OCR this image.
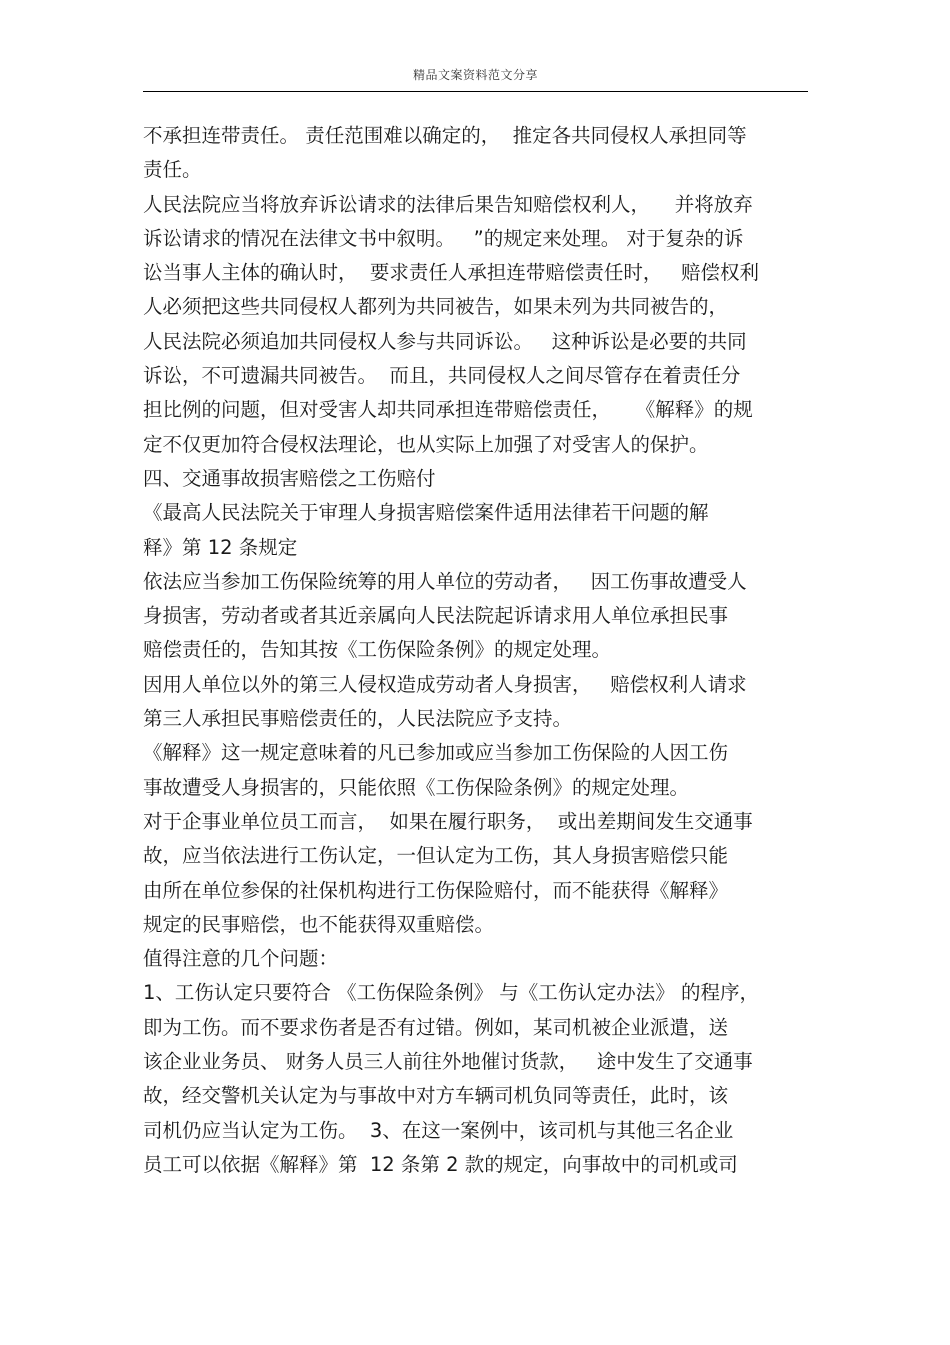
精品文案资料范文分享
不承担连带责任。 责任范围难以确定的，  推定各共同侵权人承担同等
责任。
人民法院应当将放弃诉讼请求的法律后果告知赔偿权利人，    并将放弃
诉讼请求的情况在法律文书中叙明。   ”的规定来处理。 对于复杂的诉
讼当事人主体的确认时，  要求责任人承担连带赔偿责任时，   赔偿权利
人必须把这些共同侵权人都列为共同被告，如果未列为共同被告的，
人民法院必须追加共同侵权人参与共同诉讼。   这种诉讼是必要的共同
诉讼，不可遗漏共同被告。  而且，共同侵权人之间尽管存在着责任分
担比例的问题，但对受害人却共同承担连带赔偿责任，    《解释》的规
定不仅更加符合侵权法理论，也从实际上加强了对受害人的保护。
四、交通事故损害赔偿之工伤赔付
《最高人民法院关于审理人身损害赔偿案件适用法律若干问题的解
释》第 12 条规定
依法应当参加工伤保险统筹的用人单位的劳动者，   因工伤事故遭受人
身损害，劳动者或者其近亲属向人民法院起诉请求用人单位承担民事
赔偿责任的，告知其按《工伤保险条例》的规定处理。
因用人单位以外的第三人侵权造成劳动者人身损害，   赔偿权利人请求
第三人承担民事赔偿责任的，人民法院应予支持。
《解释》这一规定意味着的凡已参加或应当参加工伤保险的人因工伤
事故遭受人身损害的，只能依照《工伤保险条例》的规定处理。
对于企事业单位员工而言，  如果在履行职务，  或出差期间发生交通事
故，应当依法进行工伤认定，一但认定为工伤，其人身损害赔偿只能
由所在单位参保的社保机构进行工伤保险赔付，而不能获得《解释》
规定的民事赔偿，也不能获得双重赔偿。
值得注意的几个问题：
1、工伤认定只要符合 《工伤保险条例》 与《工伤认定办法》 的程序，
即为工伤。而不要求伤者是否有过错。例如，某司机被企业派遣，送
该企业业务员、 财务人员三人前往外地催讨货款，   途中发生了交通事
故，经交警机关认定为与事故中对方车辆司机负同等责任，此时，该
司机仍应当认定为工伤。  3、在这一案例中，该司机与其他三名企业
员工可以依据《解释》第  12 条第 2 款的规定，向事故中的司机或司
